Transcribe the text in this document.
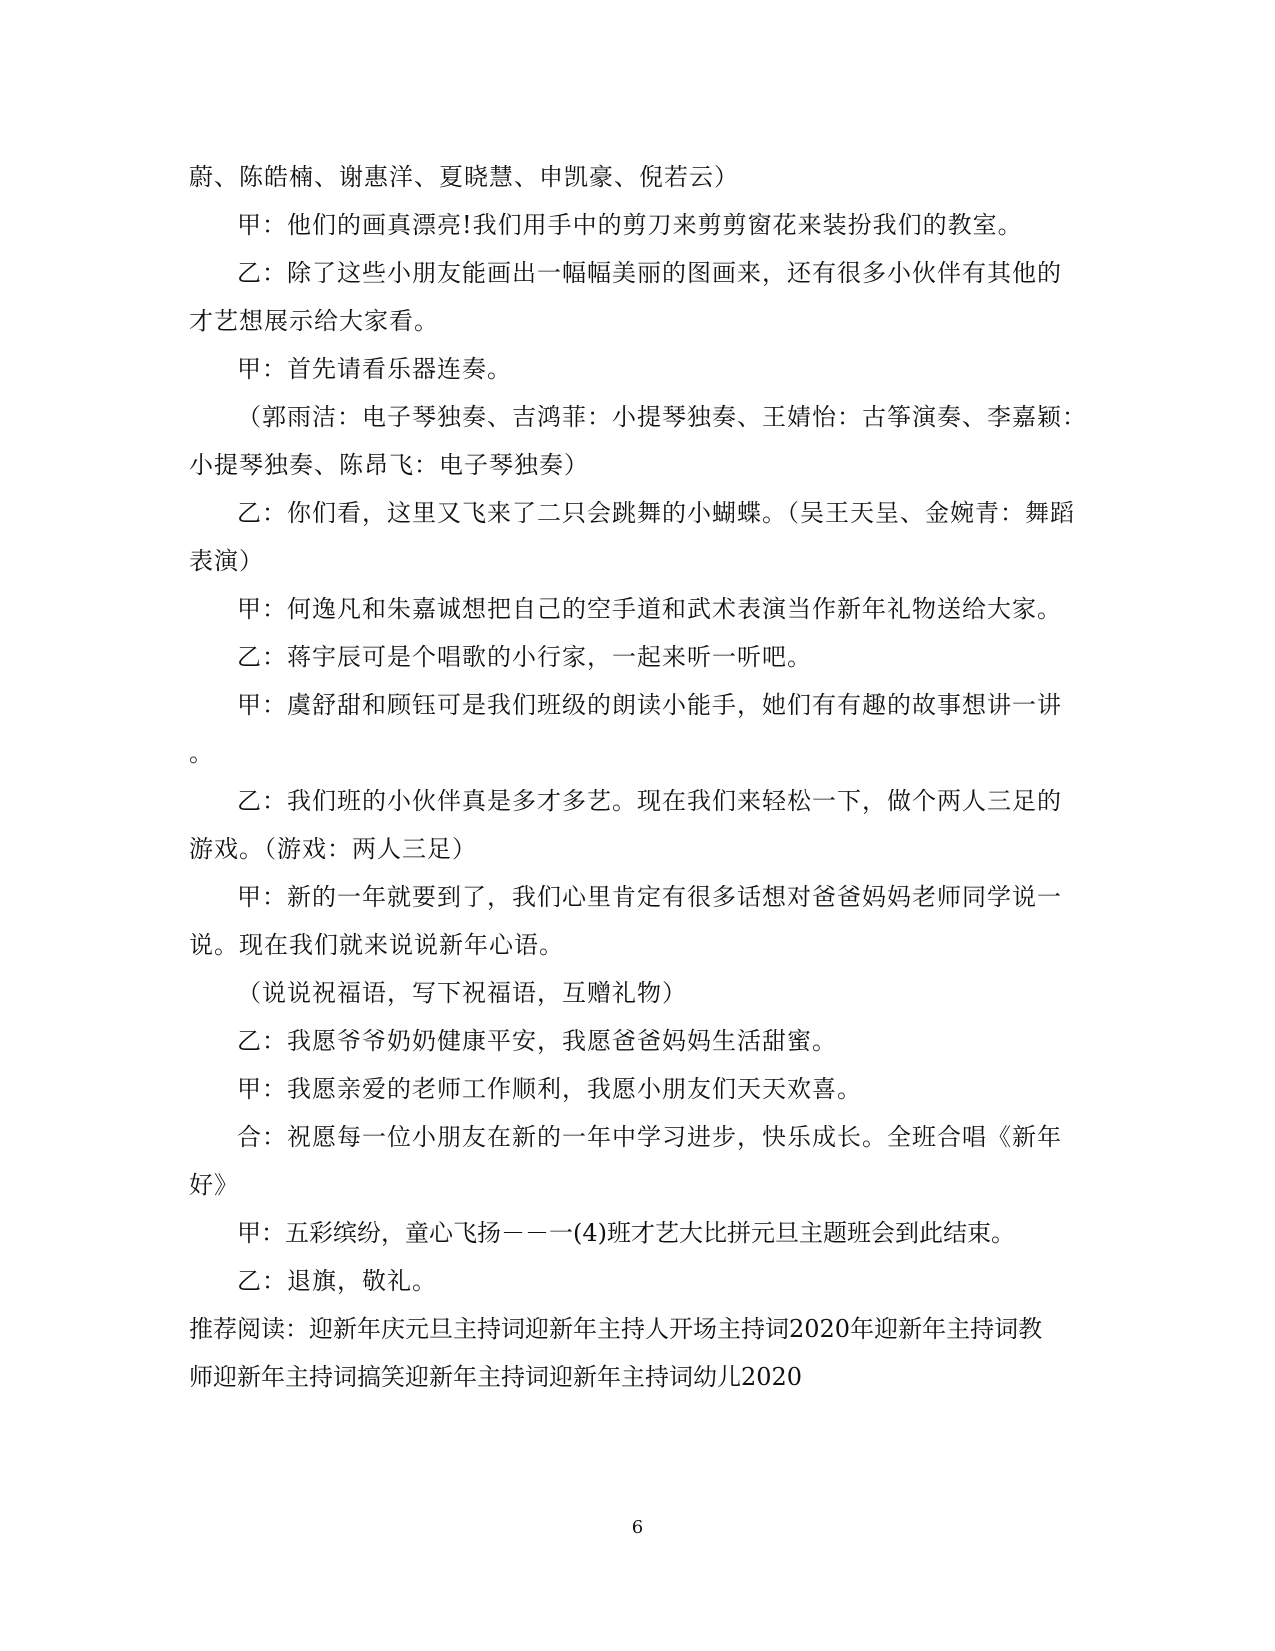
蔚、陈皓楠、谢惠洋、夏晓慧、申凯豪、倪若云）
甲：他们的画真漂亮!我们用手中的剪刀来剪剪窗花来装扮我们的教室。
乙：除了这些小朋友能画出一幅幅美丽的图画来，还有很多小伙伴有其他的
才艺想展示给大家看。
甲：首先请看乐器连奏。
（郭雨洁：电子琴独奏、吉鸿菲：小提琴独奏、王婧怡：古筝演奏、李嘉颖：
小提琴独奏、陈昂飞：电子琴独奏）
乙：你们看，这里又飞来了二只会跳舞的小蝴蝶。（吴王天呈、金婉青：舞蹈
表演）
甲：何逸凡和朱嘉诚想把自己的空手道和武术表演当作新年礼物送给大家。
乙：蒋宇辰可是个唱歌的小行家，一起来听一听吧。
甲：虞舒甜和顾钰可是我们班级的朗读小能手，她们有有趣的故事想讲一讲
。
乙：我们班的小伙伴真是多才多艺。现在我们来轻松一下，做个两人三足的
游戏。（游戏：两人三足）
甲：新的一年就要到了，我们心里肯定有很多话想对爸爸妈妈老师同学说一
说。现在我们就来说说新年心语。
（说说祝福语，写下祝福语，互赠礼物）
乙：我愿爷爷奶奶健康平安，我愿爸爸妈妈生活甜蜜。
甲：我愿亲爱的老师工作顺利，我愿小朋友们天天欢喜。
合：祝愿每一位小朋友在新的一年中学习进步，快乐成长。全班合唱《新年
好》
甲：五彩缤纷，童心飞扬－－一(4)班才艺大比拼元旦主题班会到此结束。
乙：退旗，敬礼。
推荐阅读：迎新年庆元旦主持词迎新年主持人开场主持词2020年迎新年主持词教
师迎新年主持词搞笑迎新年主持词迎新年主持词幼儿2020
6
